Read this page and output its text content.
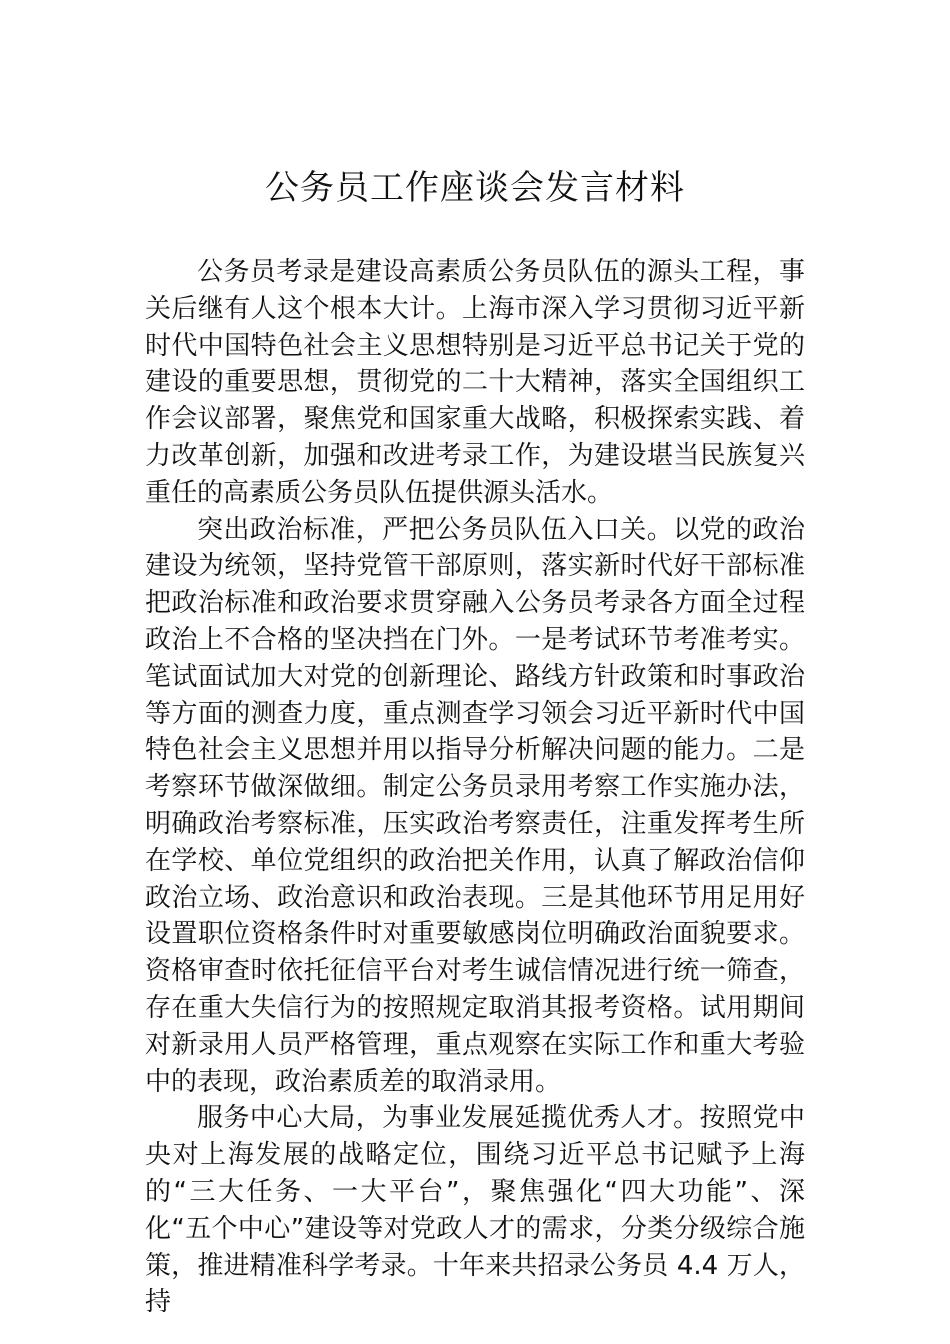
公务员工作座谈会发言材料

公务员考录是建设高素质公务员队伍的源头工程，事关后继有人这个根本大计。上海市深入学习贯彻习近平新时代中国特色社会主义思想特别是习近平总书记关于党的建设的重要思想，贯彻党的二十大精神，落实全国组织工作会议部署，聚焦党和国家重大战略，积极探索实践、着力改革创新，加强和改进考录工作，为建设堪当民族复兴重任的高素质公务员队伍提供源头活水。

突出政治标准，严把公务员队伍入口关。以党的政治建设为统领，坚持党管干部原则，落实新时代好干部标准把政治标准和政治要求贯穿融入公务员考录各方面全过程政治上不合格的坚决挡在门外。一是考试环节考准考实。笔试面试加大对党的创新理论、路线方针政策和时事政治等方面的测查力度，重点测查学习领会习近平新时代中国特色社会主义思想并用以指导分析解决问题的能力。二是考察环节做深做细。制定公务员录用考察工作实施办法，明确政治考察标准，压实政治考察责任，注重发挥考生所在学校、单位党组织的政治把关作用，认真了解政治信仰政治立场、政治意识和政治表现。三是其他环节用足用好设置职位资格条件时对重要敏感岗位明确政治面貌要求。资格审查时依托征信平台对考生诚信情况进行统一筛查，存在重大失信行为的按照规定取消其报考资格。试用期间对新录用人员严格管理，重点观察在实际工作和重大考验中的表现，政治素质差的取消录用。

服务中心大局，为事业发展延揽优秀人才。按照党中央对上海发展的战略定位，围绕习近平总书记赋予上海的“三大任务、一大平台”，聚焦强化“四大功能”、深化“五个中心”建设等对党政人才的需求，分类分级综合施策，推进精准科学考录。十年来共招录公务员 4.4 万人，持
